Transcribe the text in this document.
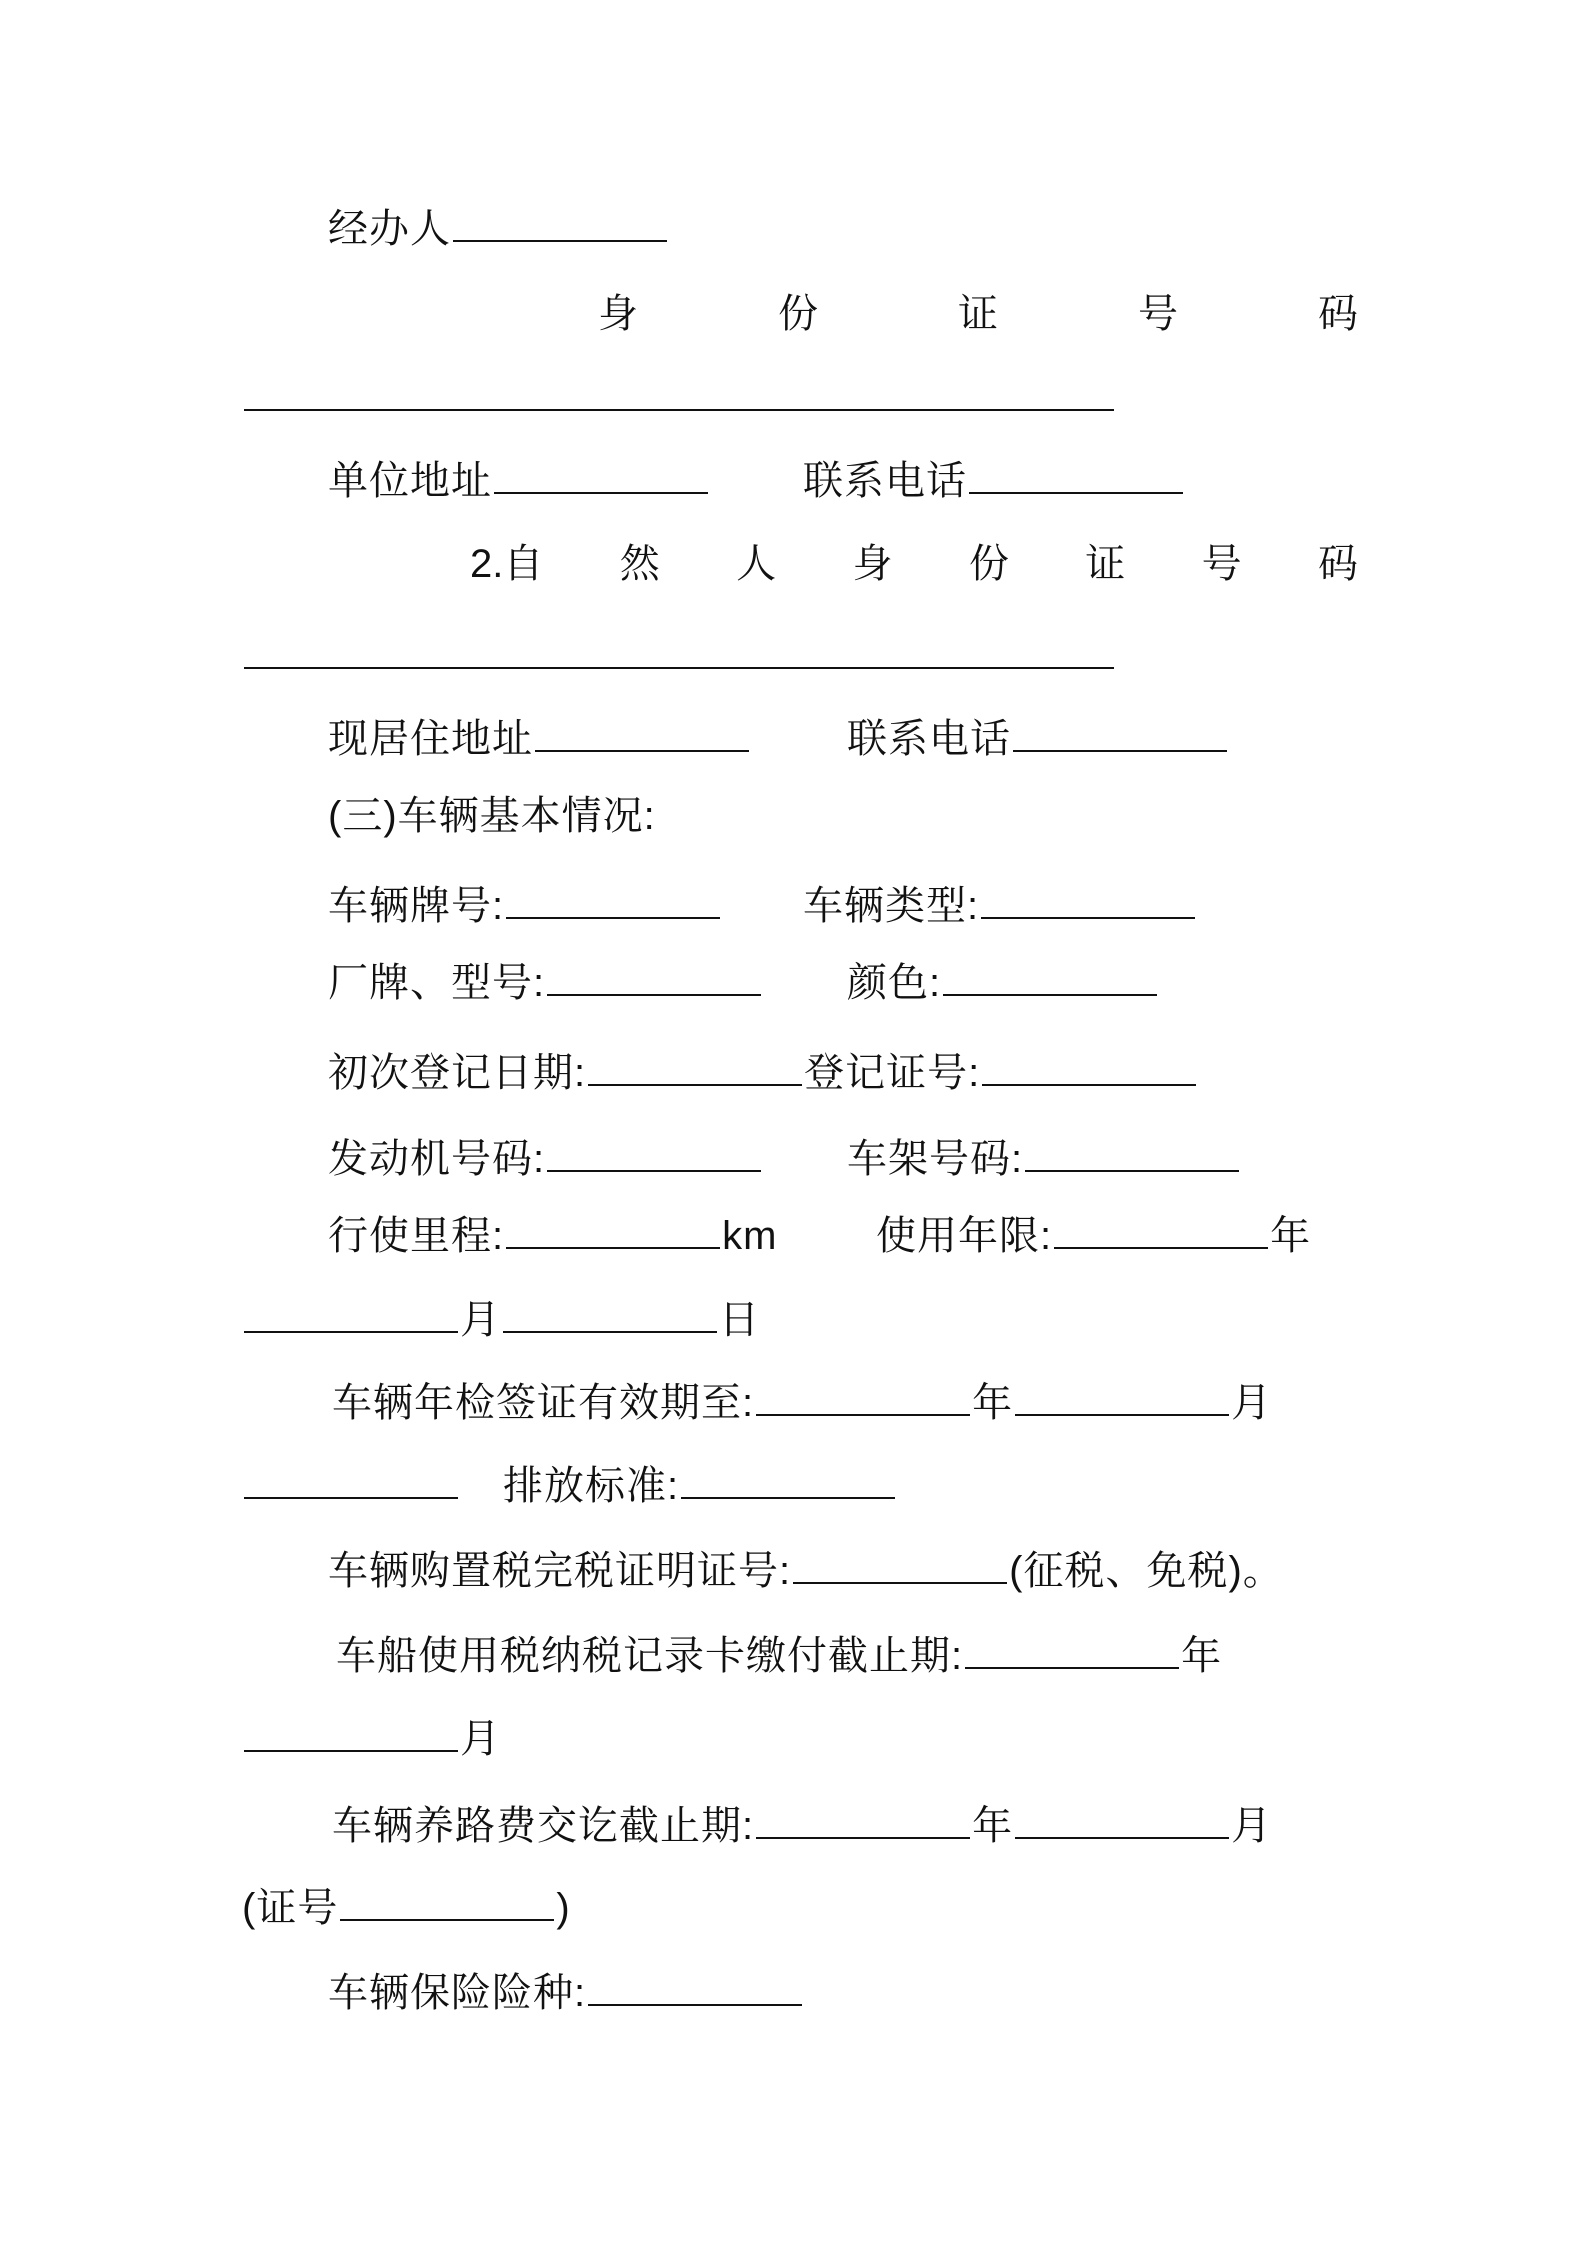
经办人
身	份	证	号	码
单位地址	联系电话
2.自 然 人 身 份 证 号 码
现居住地址	联系电话
(三)车辆基本情况:
车辆牌号:	车辆类型:
厂牌、型号:	颜色:
初次登记日期:	登记证号:
发动机号码:	车架号码:
行使里程:	km 使用年限:	年
月	日
车辆年检签证有效期至:	年	月
排放标准:
车辆购置税完税证明证号:	(征税、免税)。
车船使用税纳税记录卡缴付截止期:	年
月
车辆养路费交讫截止期:	年	月
(证号	)
车辆保险险种:
